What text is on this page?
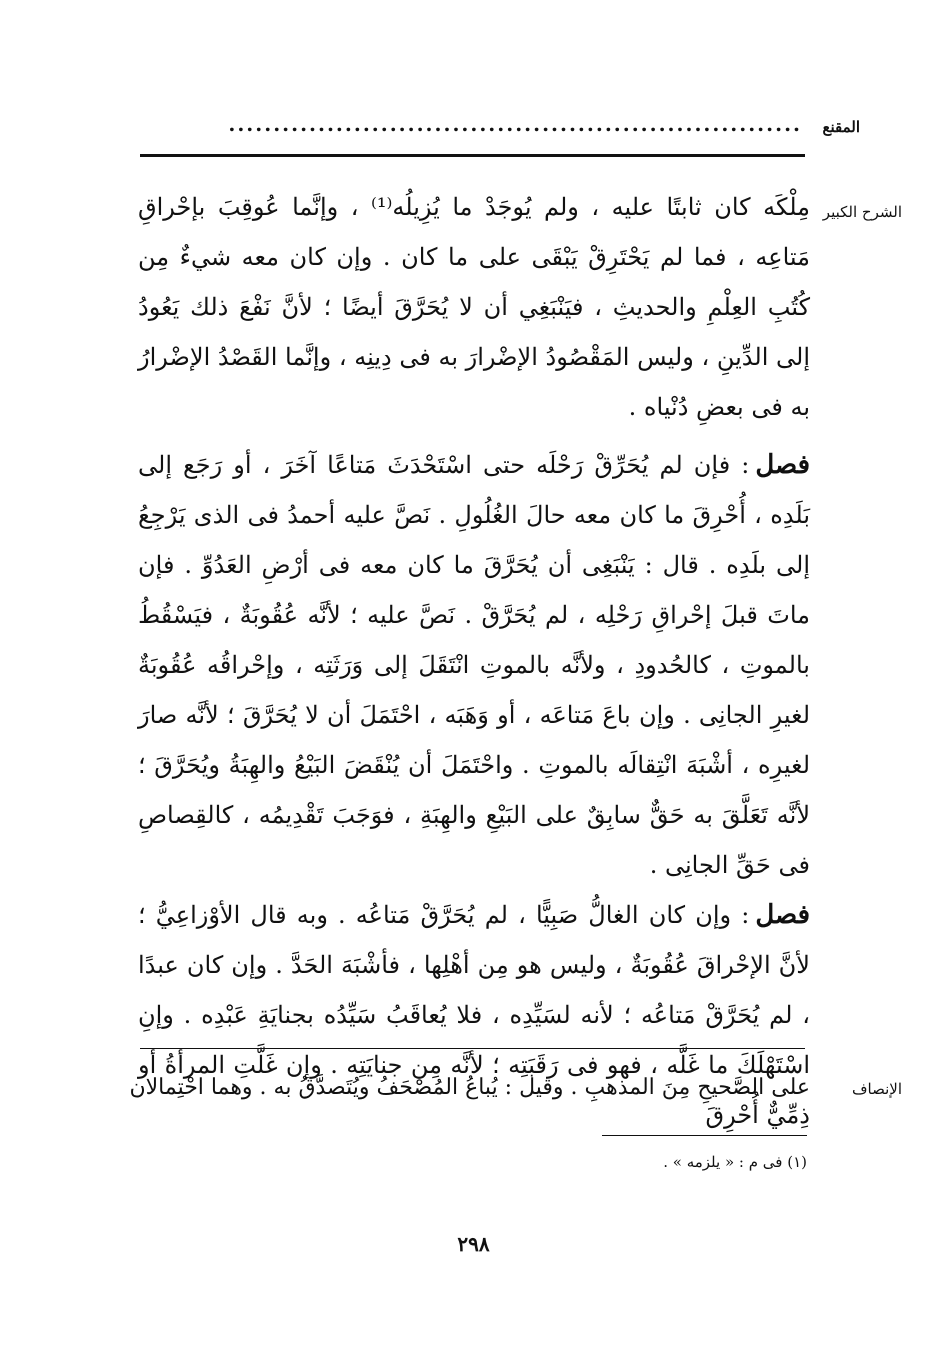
المقنع
................................................................
الشرح الكبير

مِلْكَه كان ثابتًا عليه ، ولم يُوجَدْ ما يُزِيلُه⁽¹⁾ ، وإنَّما عُوقِبَ بإحْراقِ مَتاعِه ، فما لم يَحْتَرِقْ يَبْقَى على ما كان . وإن كان معه شيءٌ مِن كُتُبِ العِلْمِ والحديثِ ، فيَنْبَغِي أن لا يُحَرَّقَ أيضًا ؛ لأنَّ نَفْعَ ذلك يَعُودُ إلى الدِّينِ ، وليس المَقْصُودُ الإضْرارَ به فى دِينِه ، وإنَّما القَصْدُ الإضْرارُ به فى بعضِ دُنْياه .

فصل: فإن لم يُحَرِّقْ رَحْلَه حتى اسْتَحْدَثَ مَتاعًا آخَرَ ، أو رَجَع إلى بَلَدِه ، أُحْرِقَ ما كان معه حالَ الغُلُولِ . نَصَّ عليه أحمدُ فى الذى يَرْجِعُ إلى بلَدِه . قال : يَنْبَغِى أن يُحَرَّقَ ما كان معه فى أرْضِ العَدُوِّ . فإن ماتَ قبلَ إحْراقِ رَحْلِه ، لم يُحَرَّقْ . نَصَّ عليه ؛ لأنَّه عُقُوبَةٌ ، فيَسْقُطُ بالموتِ ، كالحُدودِ ، ولأنَّه بالموتِ انْتَقَلَ إلى وَرَثَتِه ، وإحْراقُه عُقُوبَةٌ لغيرِ الجانِى . وإن باعَ مَتاعَه ، أو وَهَبَه ، احْتَمَلَ أن لا يُحَرَّقَ ؛ لأنَّه صارَ لغيرِه ، أشْبَهَ انْتِقالَه بالموتِ . واحْتَمَلَ أن يُنْقَضَ البَيْعُ والهِبَةُ ويُحَرَّقَ ؛ لأنَّه تَعَلَّقَ به حَقٌّ سابِقٌ على البَيْعِ والهِبَةِ ، فوَجَبَ تَقْدِيمُه ، كالقِصاصِ فى حَقِّ الجانِى .

فصل: وإن كان الغالُّ صَبِيًّا ، لم يُحَرَّقْ مَتاعُه . وبه قال الأوْزاعِيُّ ؛ لأنَّ الإحْراقَ عُقُوبَةٌ ، وليس هو مِن أهْلِها ، فأشْبَهَ الحَدَّ . وإن كان عبدًا ، لم يُحَرَّقْ مَتاعُه ؛ لأنه لسَيِّدِه ، فلا يُعاقَبُ سَيِّدُه بجنايَةِ عَبْدِه . وإنِ اسْتَهْلَكَ ما غَلَّه ، فهو فى رَقَبَتِه ؛ لأنَّه مِن جنايَتِه . وإن غَلَّتِ المرأةُ أو ذِمِّيٌّ أُحْرِقَ

الإنصاف
على الصَّحيحِ مِنَ المذهبِ . وقيل : يُباعُ المُصْحَفُ ويُتَصدَّقُ به . وهما احْتِمالان
(١) فى م : « يلزمه » .
٢٩٨
